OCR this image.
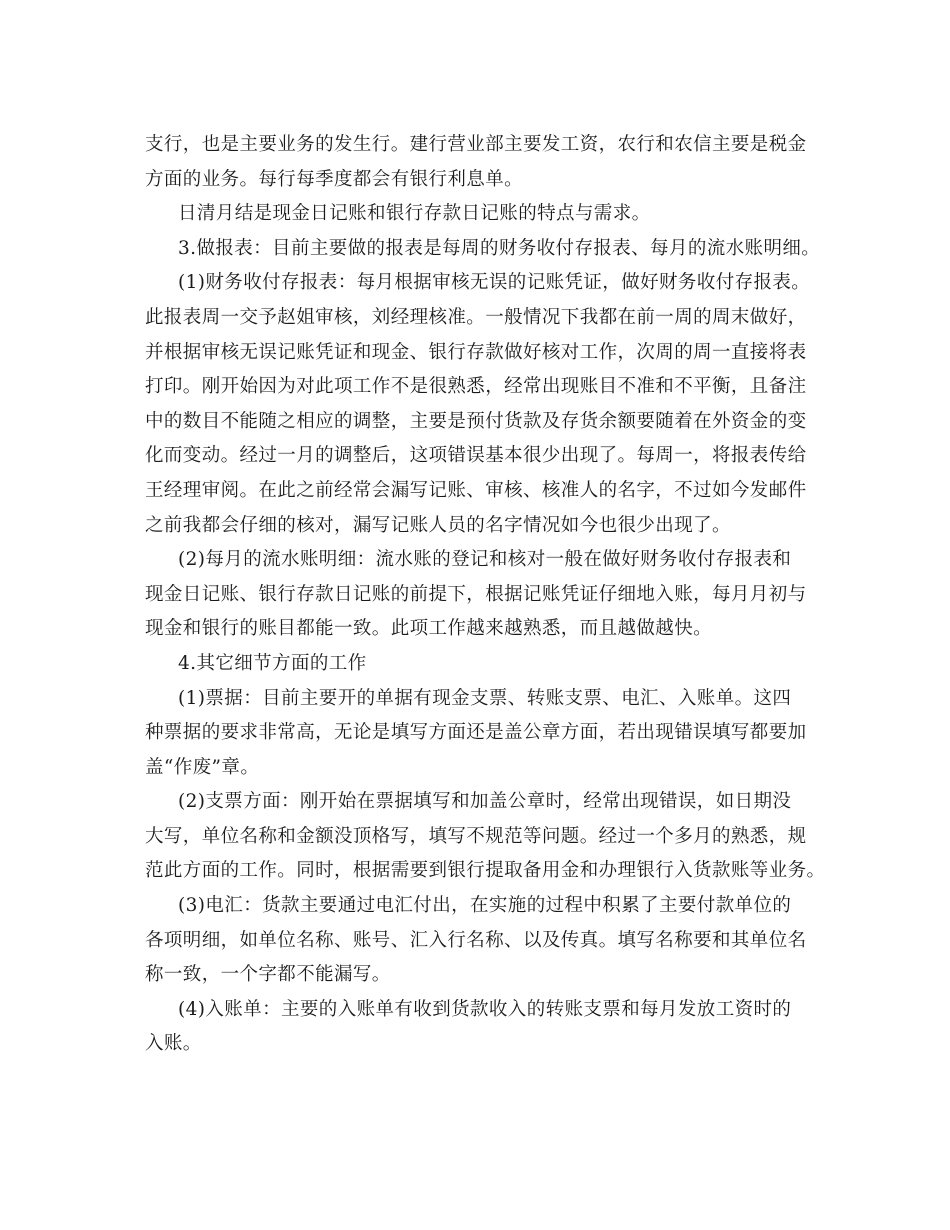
支行，也是主要业务的发生行。建行营业部主要发工资，农行和农信主要是税金
方面的业务。每行每季度都会有银行利息单。
日清月结是现金日记账和银行存款日记账的特点与需求。
3.做报表：目前主要做的报表是每周的财务收付存报表、每月的流水账明细。
(1)财务收付存报表：每月根据审核无误的记账凭证，做好财务收付存报表。
此报表周一交予赵姐审核，刘经理核准。一般情况下我都在前一周的周末做好，
并根据审核无误记账凭证和现金、银行存款做好核对工作，次周的周一直接将表
打印。刚开始因为对此项工作不是很熟悉，经常出现账目不准和不平衡，且备注
中的数目不能随之相应的调整，主要是预付货款及存货余额要随着在外资金的变
化而变动。经过一月的调整后，这项错误基本很少出现了。每周一，将报表传给
王经理审阅。在此之前经常会漏写记账、审核、核准人的名字，不过如今发邮件
之前我都会仔细的核对，漏写记账人员的名字情况如今也很少出现了。
(2)每月的流水账明细：流水账的登记和核对一般在做好财务收付存报表和
现金日记账、银行存款日记账的前提下，根据记账凭证仔细地入账，每月月初与
现金和银行的账目都能一致。此项工作越来越熟悉，而且越做越快。
4.其它细节方面的工作
(1)票据：目前主要开的单据有现金支票、转账支票、电汇、入账单。这四
种票据的要求非常高，无论是填写方面还是盖公章方面，若出现错误填写都要加
盖“作废”章。
(2)支票方面：刚开始在票据填写和加盖公章时，经常出现错误，如日期没
大写，单位名称和金额没顶格写，填写不规范等问题。经过一个多月的熟悉，规
范此方面的工作。同时，根据需要到银行提取备用金和办理银行入货款账等业务。
(3)电汇：货款主要通过电汇付出，在实施的过程中积累了主要付款单位的
各项明细，如单位名称、账号、汇入行名称、以及传真。填写名称要和其单位名
称一致，一个字都不能漏写。
(4)入账单：主要的入账单有收到货款收入的转账支票和每月发放工资时的
入账。
